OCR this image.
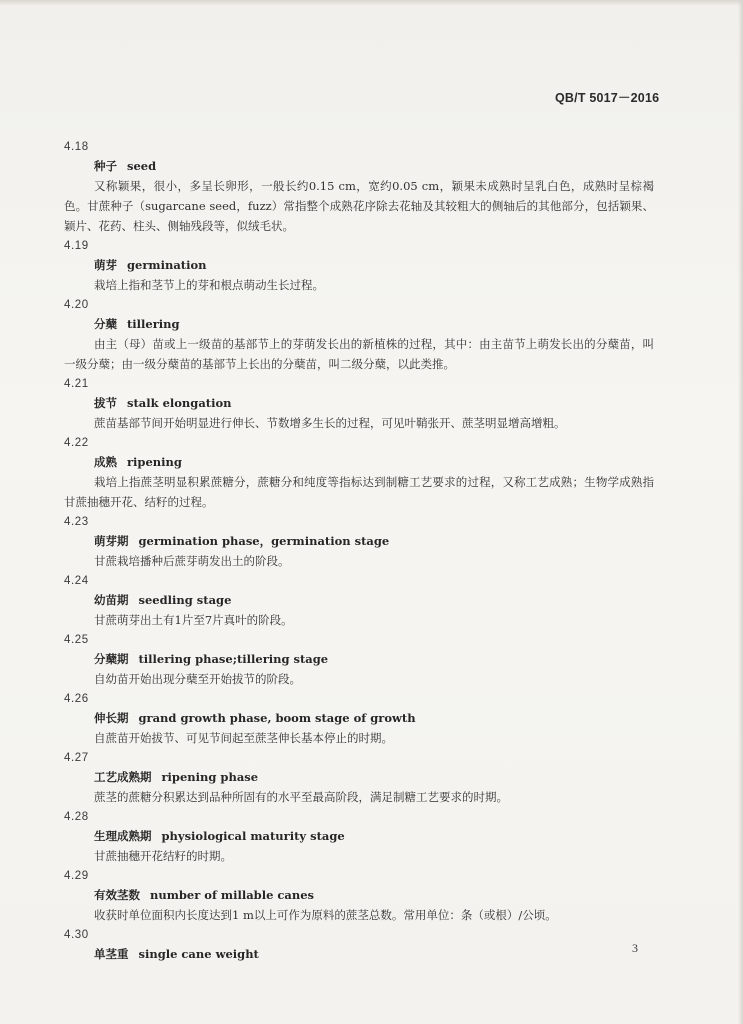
QB/T 5017－2016
4.18
种子 seed
又称颖果，很小，多呈长卵形，一般长约0.15 cm，宽约0.05 cm，颖果未成熟时呈乳白色，成熟时呈棕褐色。甘蔗种子（sugarcane seed，fuzz）常指整个成熟花序除去花轴及其较粗大的侧轴后的其他部分，包括颖果、颖片、花药、柱头、侧轴残段等，似绒毛状。
4.19
萌芽 germination
栽培上指和茎节上的芽和根点萌动生长过程。
4.20
分蘖 tillering
由主（母）苗或上一级苗的基部节上的芽萌发长出的新植株的过程，其中：由主苗节上萌发长出的分蘖苗，叫一级分蘖；由一级分蘖苗的基部节上长出的分蘖苗，叫二级分蘖，以此类推。
4.21
拔节 stalk elongation
蔗苗基部节间开始明显进行伸长、节数增多生长的过程，可见叶鞘张开、蔗茎明显增高增粗。
4.22
成熟 ripening
栽培上指蔗茎明显积累蔗糖分，蔗糖分和纯度等指标达到制糖工艺要求的过程，又称工艺成熟；生物学成熟指甘蔗抽穗开花、结籽的过程。
4.23
萌芽期 germination phase，germination stage
甘蔗栽培播种后蔗芽萌发出土的阶段。
4.24
幼苗期 seedling stage
甘蔗萌芽出土有1片至7片真叶的阶段。
4.25
分蘖期 tillering phase;tillering stage
自幼苗开始出现分蘖至开始拔节的阶段。
4.26
伸长期 grand growth phase, boom stage of growth
自蔗苗开始拔节、可见节间起至蔗茎伸长基本停止的时期。
4.27
工艺成熟期 ripening phase
蔗茎的蔗糖分积累达到品种所固有的水平至最高阶段，满足制糖工艺要求的时期。
4.28
生理成熟期 physiological maturity stage
甘蔗抽穗开花结籽的时期。
4.29
有效茎数 number of millable canes
收获时单位面积内长度达到1 m以上可作为原料的蔗茎总数。常用单位：条（或根）/公顷。
4.30
单茎重 single cane weight	3
